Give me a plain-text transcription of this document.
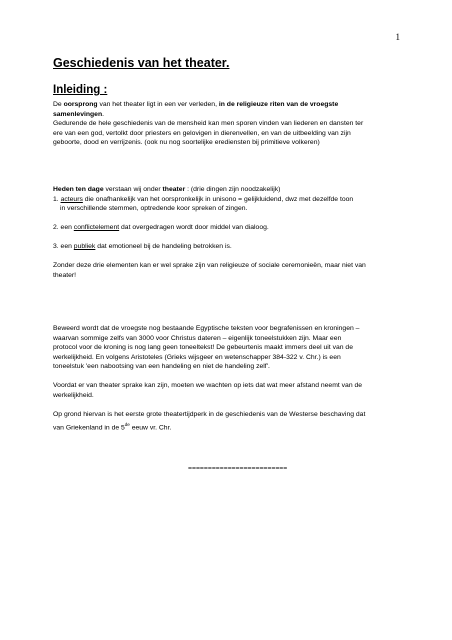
1
Geschiedenis van het theater.
Inleiding :

De oorsprong van het theater ligt in een ver verleden, in de religieuze riten van de vroegste

samenlevingen.

Gedurende de hele geschiedenis van de mensheid kan men sporen vinden van liederen en dansten ter

ere van een god, vertolkt door priesters en gelovigen in dierenvellen, en van de uitbeelding van zijn

geboorte, dood en verrijzenis. (ook nu nog soortelijke erediensten bij primitieve volkeren)

Heden ten dage verstaan wij onder theater : (drie dingen zijn noodzakelijk)

1. acteurs die onafhankelijk van het oorspronkelijk in unisono = gelijkluidend, dwz met dezelfde toon

in verschillende stemmen, optredende koor spreken of zingen.

2. een conflictelement dat overgedragen wordt door middel van dialoog.

3. een publiek dat emotioneel bij de handeling betrokken is.

Zonder deze drie elementen kan er wel sprake zijn van religieuze of sociale ceremonieën, maar niet van

theater!

Beweerd wordt dat de vroegste nog bestaande Egyptische teksten voor begrafenissen en kroningen –

waarvan sommige zelfs van 3000 voor Christus dateren – eigenlijk toneelstukken zijn. Maar een

protocol voor de kroning is nog lang geen toneeltekst! De gebeurtenis maakt immers deel uit van de

werkelijkheid. En volgens Aristoteles (Grieks wijsgeer en wetenschapper 384-322 v. Chr.) is een

toneelstuk 'een nabootsing van een handeling en niet de handeling zelf'.

Voordat er van theater sprake kan zijn, moeten we wachten op iets dat wat meer afstand neemt van de

werkelijkheid.

Op grond hiervan is het eerste grote theatertijdperk in de geschiedenis van de Westerse beschaving dat

van Griekenland in de 5de eeuw vr. Chr.

=========================
